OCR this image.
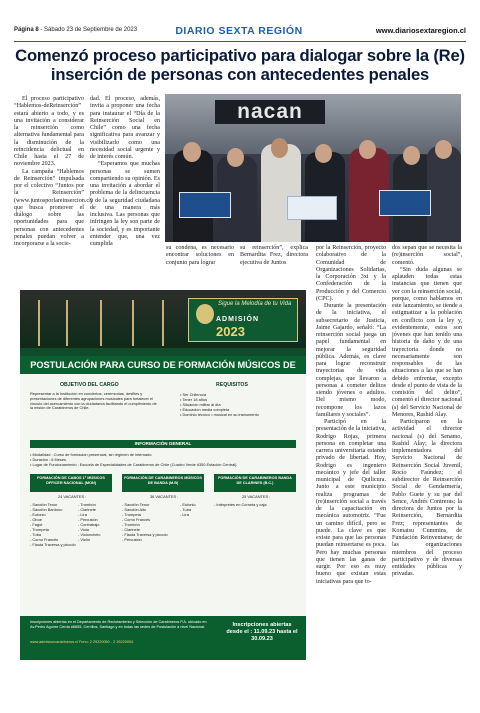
Página 8 - Sábado 23 de Septiembre de 2023	DIARIO SEXTA REGIÓN	www.diariosextaregion.cl
Comenzó proceso participativo para dialogar sobre la (Re) inserción de personas con antecedentes penales

El proceso participativo “Hablemos-deReinserción” estará abierto a todo, y es una invitación a considerar la reinserción como alternativa fundamental para la disminución de la reincidencia delictual en Chile hasta el 27 de noviembre 2023.

La campaña “Hablemos de Reinserción” impulsada por el colectivo “Juntos por la Reinserción” (www.juntosporlareinsercion.cl) que busca promover el diálogo sobre las oportunidades para que personas con antecedentes penales puedan volver a incorporarse a la socie-

dad. El proceso, además, invita a proponer una fecha para instaurar el “Día de la Reinserción Social en Chile” como una fecha significativa para avanzar y visibilizarlo como una necesidad social urgente y de interés común.

“Esperamos que muchas personas se sumen compartiendo su opinión. Es una invitación a abordar el problema de la delincuencia y de la seguridad ciudadana de una manera más inclusiva. Las personas que infringen la ley son parte de la sociedad, y es importante entender que, una vez cumplida

nacan

su condena, es necesario encontrar soluciones en conjunto para lograr

su reinserción”, explica Bernardita Frez, directora ejecutiva de Juntos

por la Reinserción, proyecto colaborativo de la Comunidad de Organizaciones Solidarias, la Corporación 3xi y la Confederación de la Producción y del Comercio (CPC).

Durante la presentación de la iniciativa, el subsecretario de Justicia, Jaime Gajardo, señaló: “La reinserción social juega un papel fundamental en mejorar la seguridad pública. Además, es clave para lograr reconstruir trayectorias de vida complejas, que llevaron a personas a cometer delitos siendo jóvenes o adultos. Del mismo modo, recompone los lazos familiares y sociales”.

Participó en la presentación de la iniciativa, Rodrigo Rojas, primera persona en completar una carrera universitaria estando privado de libertad. Hoy, Rodrigo es ingeniero mecánico y jefe del taller municipal de Quilicura. Junto a este municipio realiza programas de (re)inserción social a través de la capacitación en mecánica automotriz. “Fue un camino difícil, pero se puede. La clave es que existe para que las personas puedan reinsertarse es poca. Pero hay muchas personas que tienen las ganas de surgir. Por eso es muy bueno que existan estas iniciativas para que to-

dos sepan que se necesita la (re)inserción social”, comentó.

“Sin duda algunas se aplauden todas estas instancias que tienen que ver con la reinserción social, porque, como hablamos en este lanzamiento, se tiende a estigmatizar a la población en conflicto con la ley y, evidentemente, estos son jóvenes que han tenido una historia de daño y de una trayectoria donde no necesariamente son responsables de las situaciones a las que se han debido enfrentar, excepto desde el punto de vista de la comisión del delito”, comentó el director nacional (s) del Servicio Nacional de Menores, Rashid Alay.

Participaron en la actividad el director nacional (s) del Senamo, Rashid Alay; la directora implementadora del Servicio Nacional de Reinserción Social Juvenil, Rocío Faúndez; el subdirector de Reinserción Social de Gendarmería, Pablo Guete y su par del Sence, Andrés Contreras; la directora de Juntos por la Reinserción, Bernardita Frez; representantes de Komatsu Cummins, de Fundación Reinventarse; de las organizaciones miembros del proceso participativo y de diversas entidades públicas y privadas.

Sigue la Melodía de tu Vida
ADMISIÓN
2023
POSTULACIÓN PARA CURSO DE FORMACIÓN MÚSICOS DE
OBJETIVO DEL CARGO
Representar a la Institución en conciertos, ceremonias, desfiles y presentaciones de diferentes agrupaciones musicales para fortalecer el vínculo del acercamiento con la ciudadanía facilitando el cumplimiento de la misión de Carabineros de Chile.
REQUISITOS
• Ser Chileno/a
• Tener 18 años
• Situación militar al día
• Educación media completa
• Dominio técnico • musical en su instrumento
INFORMACIÓN GENERAL
• Modalidad : Curso de formación presencial, sin régimen de internado.
• Duración : 6 Meses.
• Lugar de Funcionamiento : Escuela de Especialidades de Carabineros de Chile (Cuadro Verde #350 Estación Central).
FORMACIÓN DE CABOS 1º MÚSICOS OFFICER NACIONAL (MON)
FORMACIÓN DE CARABINEROS MÚSICOS DE BANDA (M.B)
FORMACIÓN DE CARABINEROS BANDA DE CLARINES (B.C.)
24 VACANTES :	36 VACANTES :	25 VACANTES :
- Saxofón Tenor
- Saxofón Barítono
- Eufonio
- Oboe
- Fagot
- Trompeta
- Tuba
- Corno Francés
- Flauta Traversa y piccolo
- Trombón
- Clarinete
- Lira
- Percusión
- Contrabajo
- Viola
- Violonchelo
- Violín
- Saxofón Tenor
- Saxofón Alto
- Trompeta
- Corno Francés
- Trombón
- Clarinete
- Flauta Traversa y piccolo
- Percusión
- Eufonio
- Tuba
- Lira
- Intérpretes en Corneta y caja
Inscripciones abiertas en el Departamento de Reclutamiento y Selección de Carabineros P.A. ubicado en Av.Pedro Aguirre Cerda #6655, Cerrillos, Santiago y en todas las sedes de Postulación a nivel Nacional.
www.admisioncarabineros.cl Fono: 2 29220050 - 2 29220054
Inscripciones abiertas desde el : 11.09.23 hasta el 30.09.23
